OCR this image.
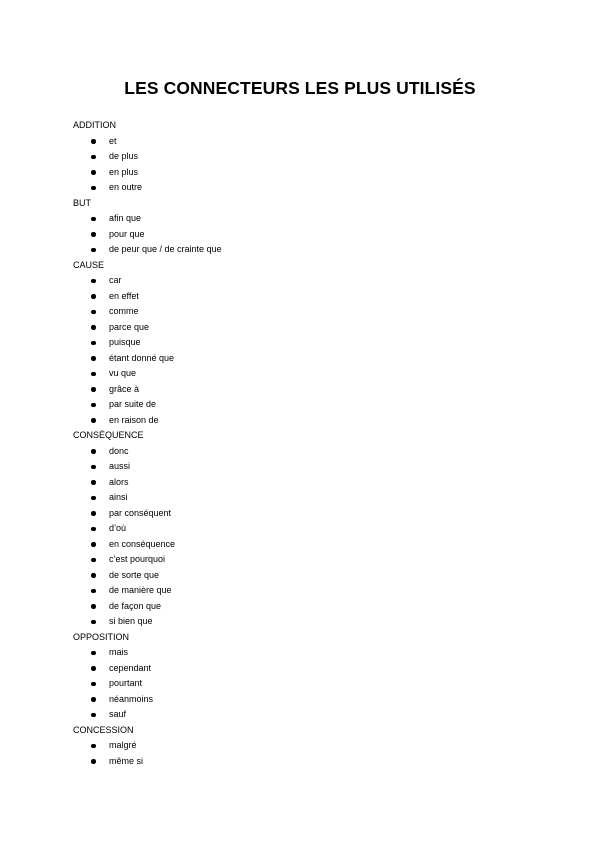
LES CONNECTEURS LES PLUS UTILISÉS
ADDITION
et
de plus
en plus
en outre
BUT
afin que
pour que
de peur que / de crainte que
CAUSE
car
en effet
comme
parce que
puisque
étant donné que
vu que
grâce à
par suite de
en raison de
CONSÉQUENCE
donc
aussi
alors
ainsi
par conséquent
d’où
en conséquence
c’est pourquoi
de sorte que
de manière que
de façon que
si bien que
OPPOSITION
mais
cependant
pourtant
néanmoins
sauf
CONCESSION
malgré
même si
